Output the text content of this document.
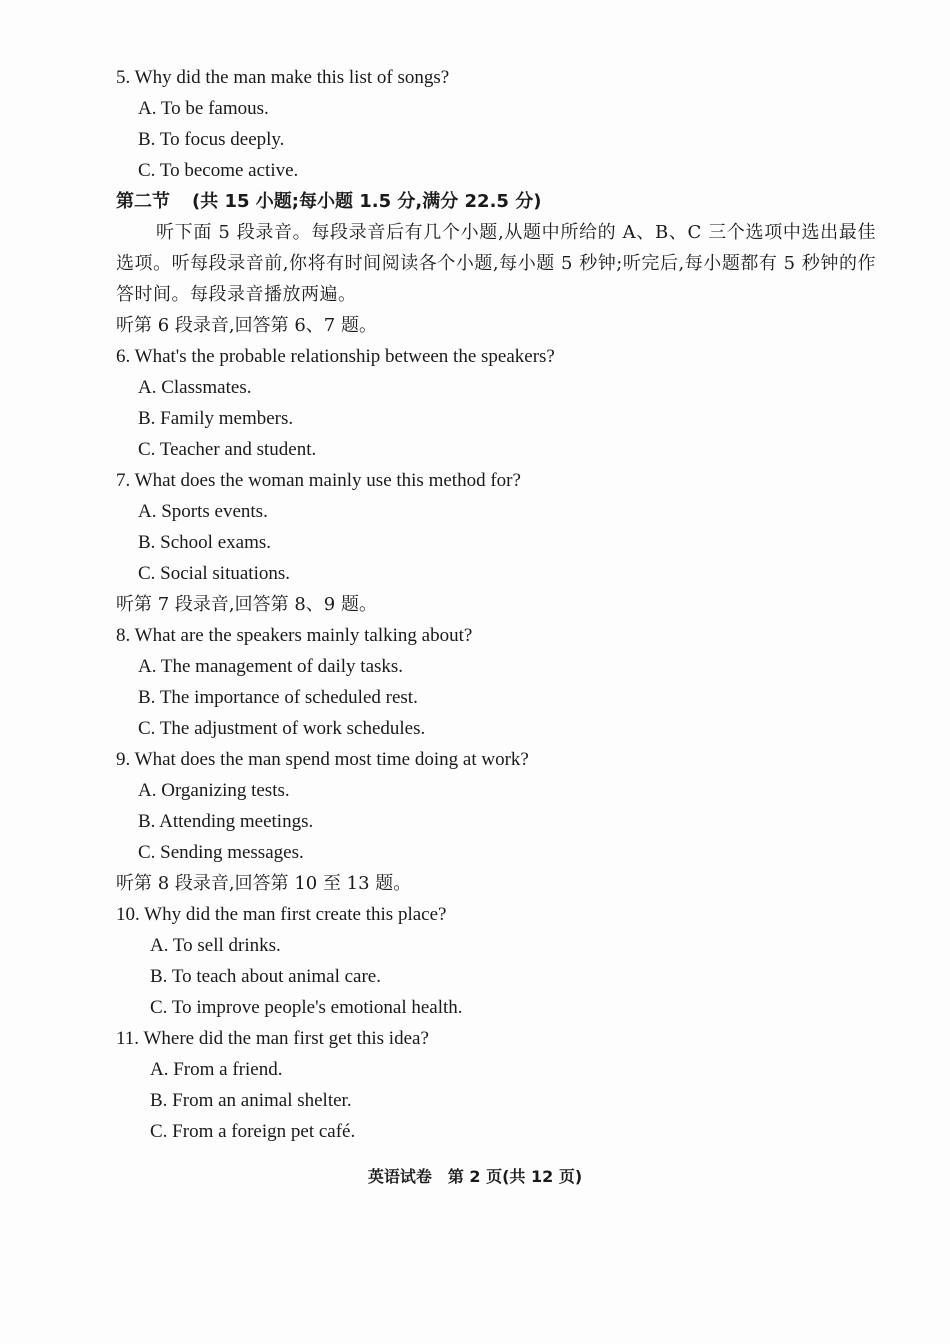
5. Why did the man make this list of songs?
A. To be famous.
B. To focus deeply.
C. To become active.
第二节 (共 15 小题;每小题 1.5 分,满分 22.5 分)
听下面 5 段录音。每段录音后有几个小题,从题中所给的 A、B、C 三个选项中选出最佳选项。听每段录音前,你将有时间阅读各个小题,每小题 5 秒钟;听完后,每小题都有 5 秒钟的作答时间。每段录音播放两遍。
听第 6 段录音,回答第 6、7 题。
6. What's the probable relationship between the speakers?
A. Classmates.
B. Family members.
C. Teacher and student.
7. What does the woman mainly use this method for?
A. Sports events.
B. School exams.
C. Social situations.
听第 7 段录音,回答第 8、9 题。
8. What are the speakers mainly talking about?
A. The management of daily tasks.
B. The importance of scheduled rest.
C. The adjustment of work schedules.
9. What does the man spend most time doing at work?
A. Organizing tests.
B. Attending meetings.
C. Sending messages.
听第 8 段录音,回答第 10 至 13 题。
10. Why did the man first create this place?
A. To sell drinks.
B. To teach about animal care.
C. To improve people's emotional health.
11. Where did the man first get this idea?
A. From a friend.
B. From an animal shelter.
C. From a foreign pet café.
英语试卷 第 2 页(共 12 页)
